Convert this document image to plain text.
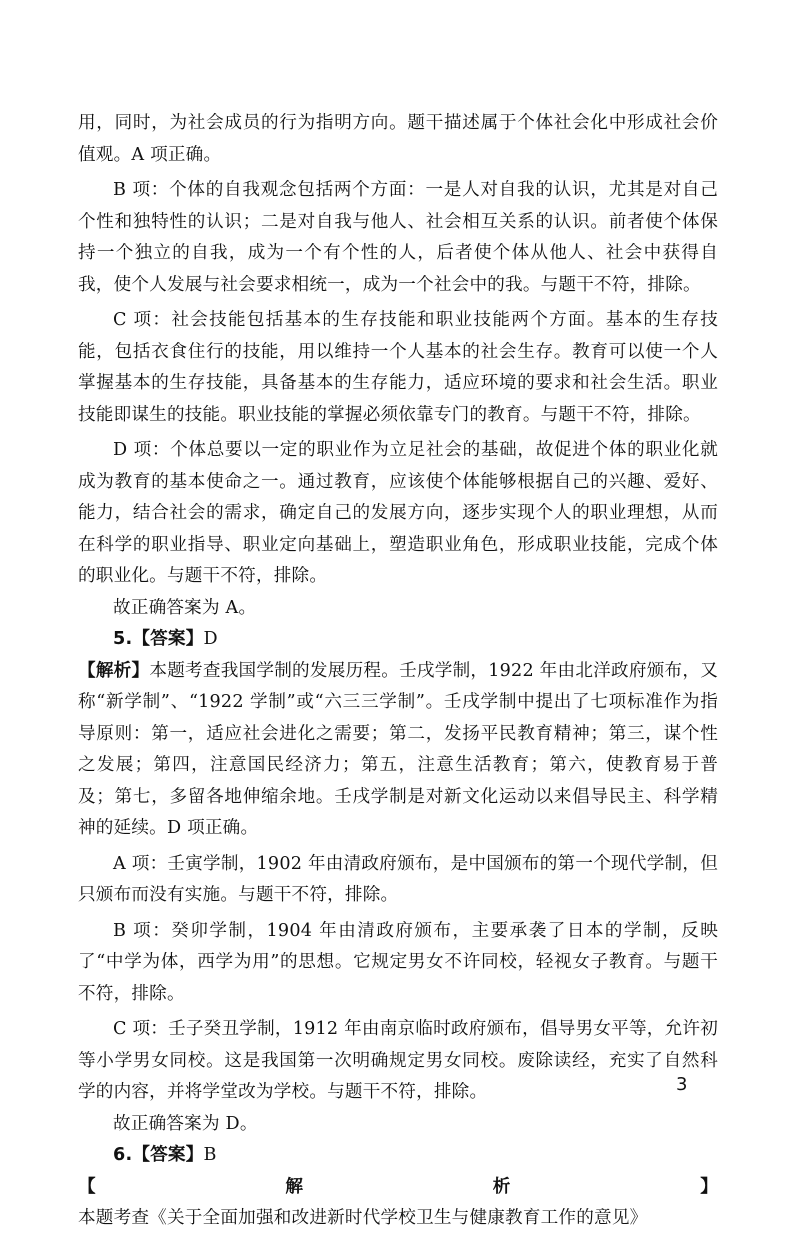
用，同时，为社会成员的行为指明方向。题干描述属于个体社会化中形成社会价值观。A 项正确。

B 项：个体的自我观念包括两个方面：一是人对自我的认识，尤其是对自己个性和独特性的认识；二是对自我与他人、社会相互关系的认识。前者使个体保持一个独立的自我，成为一个有个性的人，后者使个体从他人、社会中获得自我，使个人发展与社会要求相统一，成为一个社会中的我。与题干不符，排除。

C 项：社会技能包括基本的生存技能和职业技能两个方面。基本的生存技能，包括衣食住行的技能，用以维持一个人基本的社会生存。教育可以使一个人掌握基本的生存技能，具备基本的生存能力，适应环境的要求和社会生活。职业技能即谋生的技能。职业技能的掌握必须依靠专门的教育。与题干不符，排除。

D 项：个体总要以一定的职业作为立足社会的基础，故促进个体的职业化就成为教育的基本使命之一。通过教育，应该使个体能够根据自己的兴趣、爱好、能力，结合社会的需求，确定自己的发展方向，逐步实现个人的职业理想，从而在科学的职业指导、职业定向基础上，塑造职业角色，形成职业技能，完成个体的职业化。与题干不符，排除。

故正确答案为 A。

5.【答案】D

【解析】本题考查我国学制的发展历程。壬戌学制，1922 年由北洋政府颁布，又称“新学制”、“1922 学制”或“六三三学制”。壬戌学制中提出了七项标准作为指导原则：第一，适应社会进化之需要；第二，发扬平民教育精神；第三，谋个性之发展；第四，注意国民经济力；第五，注意生活教育；第六，使教育易于普及；第七，多留各地伸缩余地。壬戌学制是对新文化运动以来倡导民主、科学精神的延续。D 项正确。

A 项：壬寅学制，1902 年由清政府颁布，是中国颁布的第一个现代学制，但只颁布而没有实施。与题干不符，排除。

B 项：癸卯学制，1904 年由清政府颁布，主要承袭了日本的学制，反映了“中学为体，西学为用”的思想。它规定男女不许同校，轻视女子教育。与题干不符，排除。

C 项：壬子癸丑学制，1912 年由南京临时政府颁布，倡导男女平等，允许初等小学男女同校。这是我国第一次明确规定男女同校。废除读经，充实了自然科学的内容，并将学堂改为学校。与题干不符，排除。

故正确答案为 D。

6.【答案】B

【解析】本题考查《关于全面加强和改进新时代学校卫生与健康教育工作的意见》

3
